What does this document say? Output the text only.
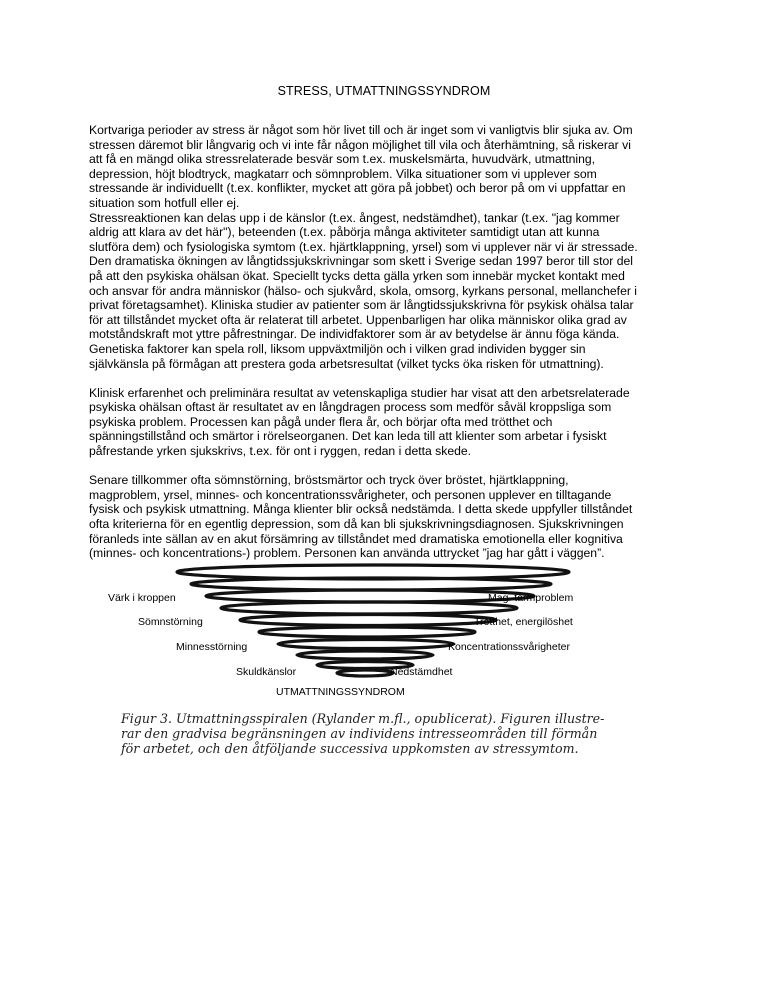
STRESS, UTMATTNINGSSYNDROM

Kortvariga perioder av stress är något som hör livet till och är inget som vi vanligtvis blir sjuka av. Om
stressen däremot blir långvarig och vi inte får någon möjlighet till vila och återhämtning, så riskerar vi
att få en mängd olika stressrelaterade besvär som t.ex. muskelsmärta, huvudvärk, utmattning,
depression, höjt blodtryck, magkatarr och sömnproblem. Vilka situationer som vi upplever som
stressande är individuellt (t.ex. konflikter, mycket att göra på jobbet) och beror på om vi uppfattar en
situation som hotfull eller ej.
Stressreaktionen kan delas upp i de känslor (t.ex. ångest, nedstämdhet), tankar (t.ex. "jag kommer
aldrig att klara av det här"), beteenden (t.ex. påbörja många aktiviteter samtidigt utan att kunna
slutföra dem) och fysiologiska symtom (t.ex. hjärtklappning, yrsel) som vi upplever när vi är stressade.
Den dramatiska ökningen av långtidssjukskrivningar som skett i Sverige sedan 1997 beror till stor del
på att den psykiska ohälsan ökat. Speciellt tycks detta gälla yrken som innebär mycket kontakt med
och ansvar för andra människor (hälso- och sjukvård, skola, omsorg, kyrkans personal, mellanchefer i
privat företagsamhet). Kliniska studier av patienter som är långtidssjukskrivna för psykisk ohälsa talar
för att tillståndet mycket ofta är relaterat till arbetet. Uppenbarligen har olika människor olika grad av
motståndskraft mot yttre påfrestningar. De individfaktorer som är av betydelse är ännu föga kända.
Genetiska faktorer kan spela roll, liksom uppväxtmiljön och i vilken grad individen bygger sin
självkänsla på förmågan att prestera goda arbetsresultat (vilket tycks öka risken för utmattning).

Klinisk erfarenhet och preliminära resultat av vetenskapliga studier har visat att den arbetsrelaterade
psykiska ohälsan oftast är resultatet av en långdragen process som medför såväl kroppsliga som
psykiska problem. Processen kan pågå under flera år, och börjar ofta med trötthet och
spänningstillstånd och smärtor i rörelseorganen. Det kan leda till att klienter som arbetar i fysiskt
påfrestande yrken sjukskrivs, t.ex. för ont i ryggen, redan i detta skede.

Senare tillkommer ofta sömnstörning, bröstsmärtor och tryck över bröstet, hjärtklappning,
magproblem, yrsel, minnes- och koncentrationssvårigheter, och personen upplever en tilltagande
fysisk och psykisk utmattning. Många klienter blir också nedstämda. I detta skede uppfyller tillståndet
ofta kriterierna för en egentlig depression, som då kan bli sjukskrivningsdiagnosen. Sjukskrivningen
föranleds inte sällan av en akut försämring av tillståndet med dramatiska emotionella eller kognitiva
(minnes- och koncentrations-) problem. Personen kan använda uttrycket ”jag har gått i väggen”.

Värk i kroppen
Sömnstörning
Minnesstörning
Skuldkänslor
Mag–tarmproblem
Trötthet, energilöshet
Koncentrationssvårigheter
Nedstämdhet
UTMATTNINGSSYNDROM
Figur 3. Utmattningsspiralen (Rylander m.fl., opublicerat). Figuren illustre-
rar den gradvisa begränsningen av individens intresseområden till förmån
för arbetet, och den åtföljande successiva uppkomsten av stressymtom.
